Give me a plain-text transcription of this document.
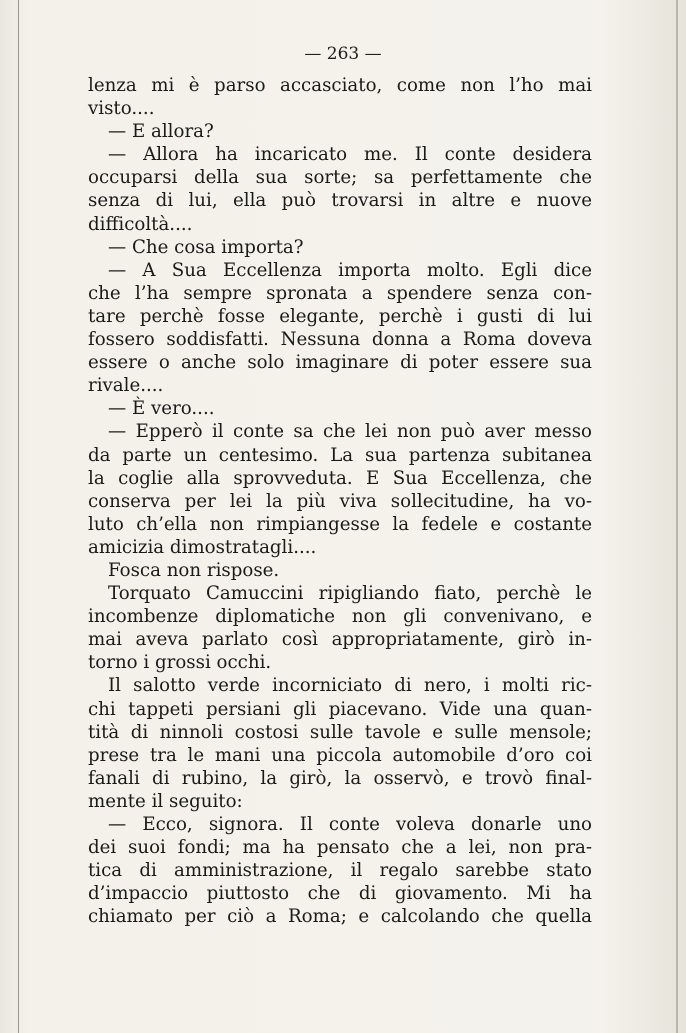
— 263 —
lenza mi è parso accasciato, come non l’ho mai
visto....
— E allora?
— Allora ha incaricato me. Il conte desidera
occuparsi della sua sorte; sa perfettamente che
senza di lui, ella può trovarsi in altre e nuove
difficoltà....
— Che cosa importa?
— A Sua Eccellenza importa molto. Egli dice
che l’ha sempre spronata a spendere senza con-
tare perchè fosse elegante, perchè i gusti di lui
fossero soddisfatti. Nessuna donna a Roma doveva
essere o anche solo imaginare di poter essere sua
rivale....
— È vero....
— Epperò il conte sa che lei non può aver messo
da parte un centesimo. La sua partenza subitanea
la coglie alla sprovveduta. E Sua Eccellenza, che
conserva per lei la più viva sollecitudine, ha vo-
luto ch’ella non rimpiangesse la fedele e costante
amicizia dimostratagli....
Fosca non rispose.
Torquato Camuccini ripigliando fiato, perchè le
incombenze diplomatiche non gli convenivano, e
mai aveva parlato così appropriatamente, girò in-
torno i grossi occhi.
Il salotto verde incorniciato di nero, i molti ric-
chi tappeti persiani gli piacevano. Vide una quan-
tità di ninnoli costosi sulle tavole e sulle mensole;
prese tra le mani una piccola automobile d’oro coi
fanali di rubino, la girò, la osservò, e trovò final-
mente il seguito:
— Ecco, signora. Il conte voleva donarle uno
dei suoi fondi; ma ha pensato che a lei, non pra-
tica di amministrazione, il regalo sarebbe stato
d’impaccio piuttosto che di giovamento. Mi ha
chiamato per ciò a Roma; e calcolando che quella
